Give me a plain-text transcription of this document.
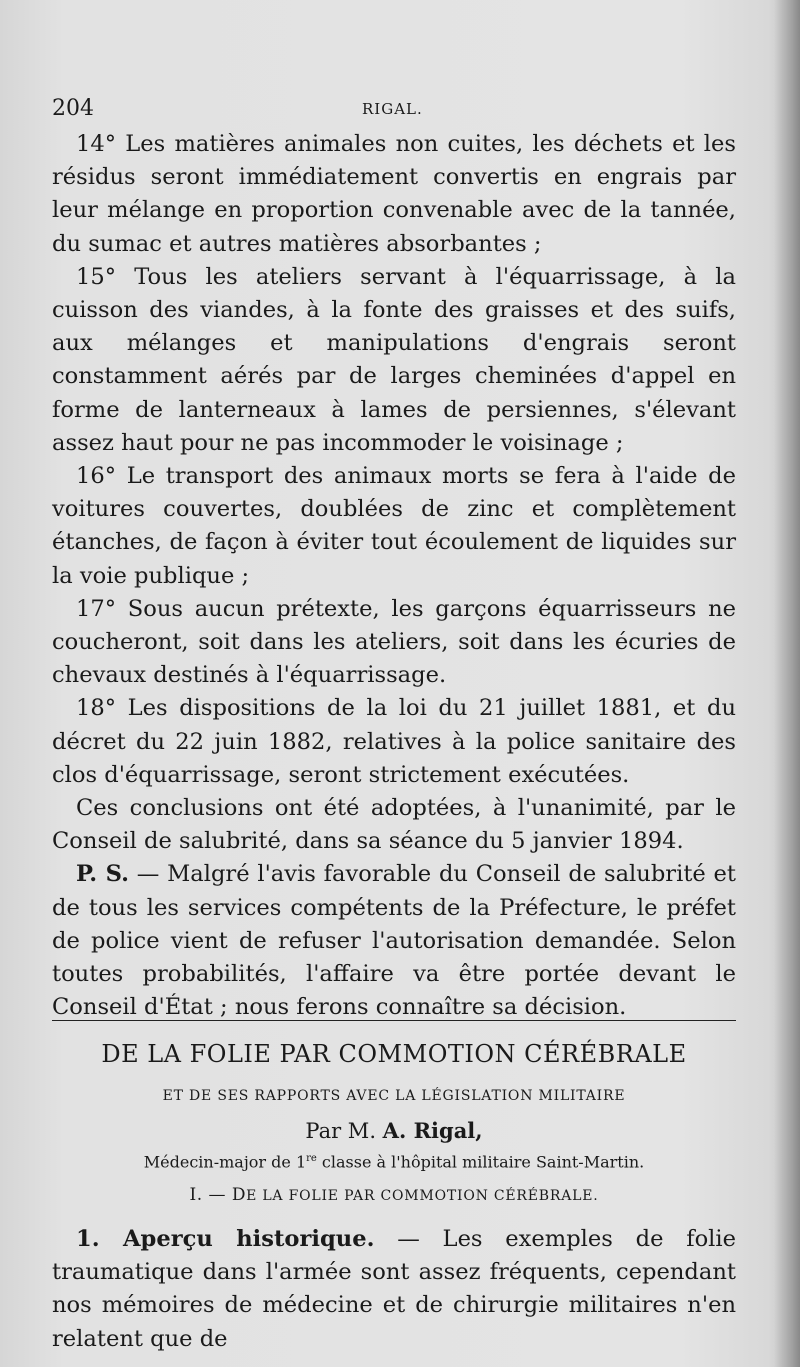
204	RIGAL.

14° Les matières animales non cuites, les déchets et les résidus seront immédiatement convertis en engrais par leur mélange en proportion convenable avec de la tannée, du sumac et autres matières absorbantes ;

15° Tous les ateliers servant à l'équarrissage, à la cuisson des viandes, à la fonte des graisses et des suifs, aux mélanges et manipulations d'engrais seront constamment aérés par de larges cheminées d'appel en forme de lanterneaux à lames de persiennes, s'élevant assez haut pour ne pas incommoder le voisinage ;

16° Le transport des animaux morts se fera à l'aide de voitures couvertes, doublées de zinc et complètement étanches, de façon à éviter tout écoulement de liquides sur la voie publique ;

17° Sous aucun prétexte, les garçons équarrisseurs ne coucheront, soit dans les ateliers, soit dans les écuries de chevaux destinés à l'équarrissage.

18° Les dispositions de la loi du 21 juillet 1881, et du décret du 22 juin 1882, relatives à la police sanitaire des clos d'équarrissage, seront strictement exécutées.

Ces conclusions ont été adoptées, à l'unanimité, par le Conseil de salubrité, dans sa séance du 5 janvier 1894.

P. S. — Malgré l'avis favorable du Conseil de salubrité et de tous les services compétents de la Préfecture, le préfet de police vient de refuser l'autorisation demandée. Selon toutes probabilités, l'affaire va être portée devant le Conseil d'État ; nous ferons connaître sa décision.

DE LA FOLIE PAR COMMOTION CÉRÉBRALE
ET DE SES RAPPORTS AVEC LA LÉGISLATION MILITAIRE
Par M. A. Rigal,
Médecin-major de 1re classe à l'hôpital militaire Saint-Martin.
I. — DE LA FOLIE PAR COMMOTION CÉRÉBRALE.

1. Aperçu historique. — Les exemples de folie traumatique dans l'armée sont assez fréquents, cependant nos mémoires de médecine et de chirurgie militaires n'en relatent que de
